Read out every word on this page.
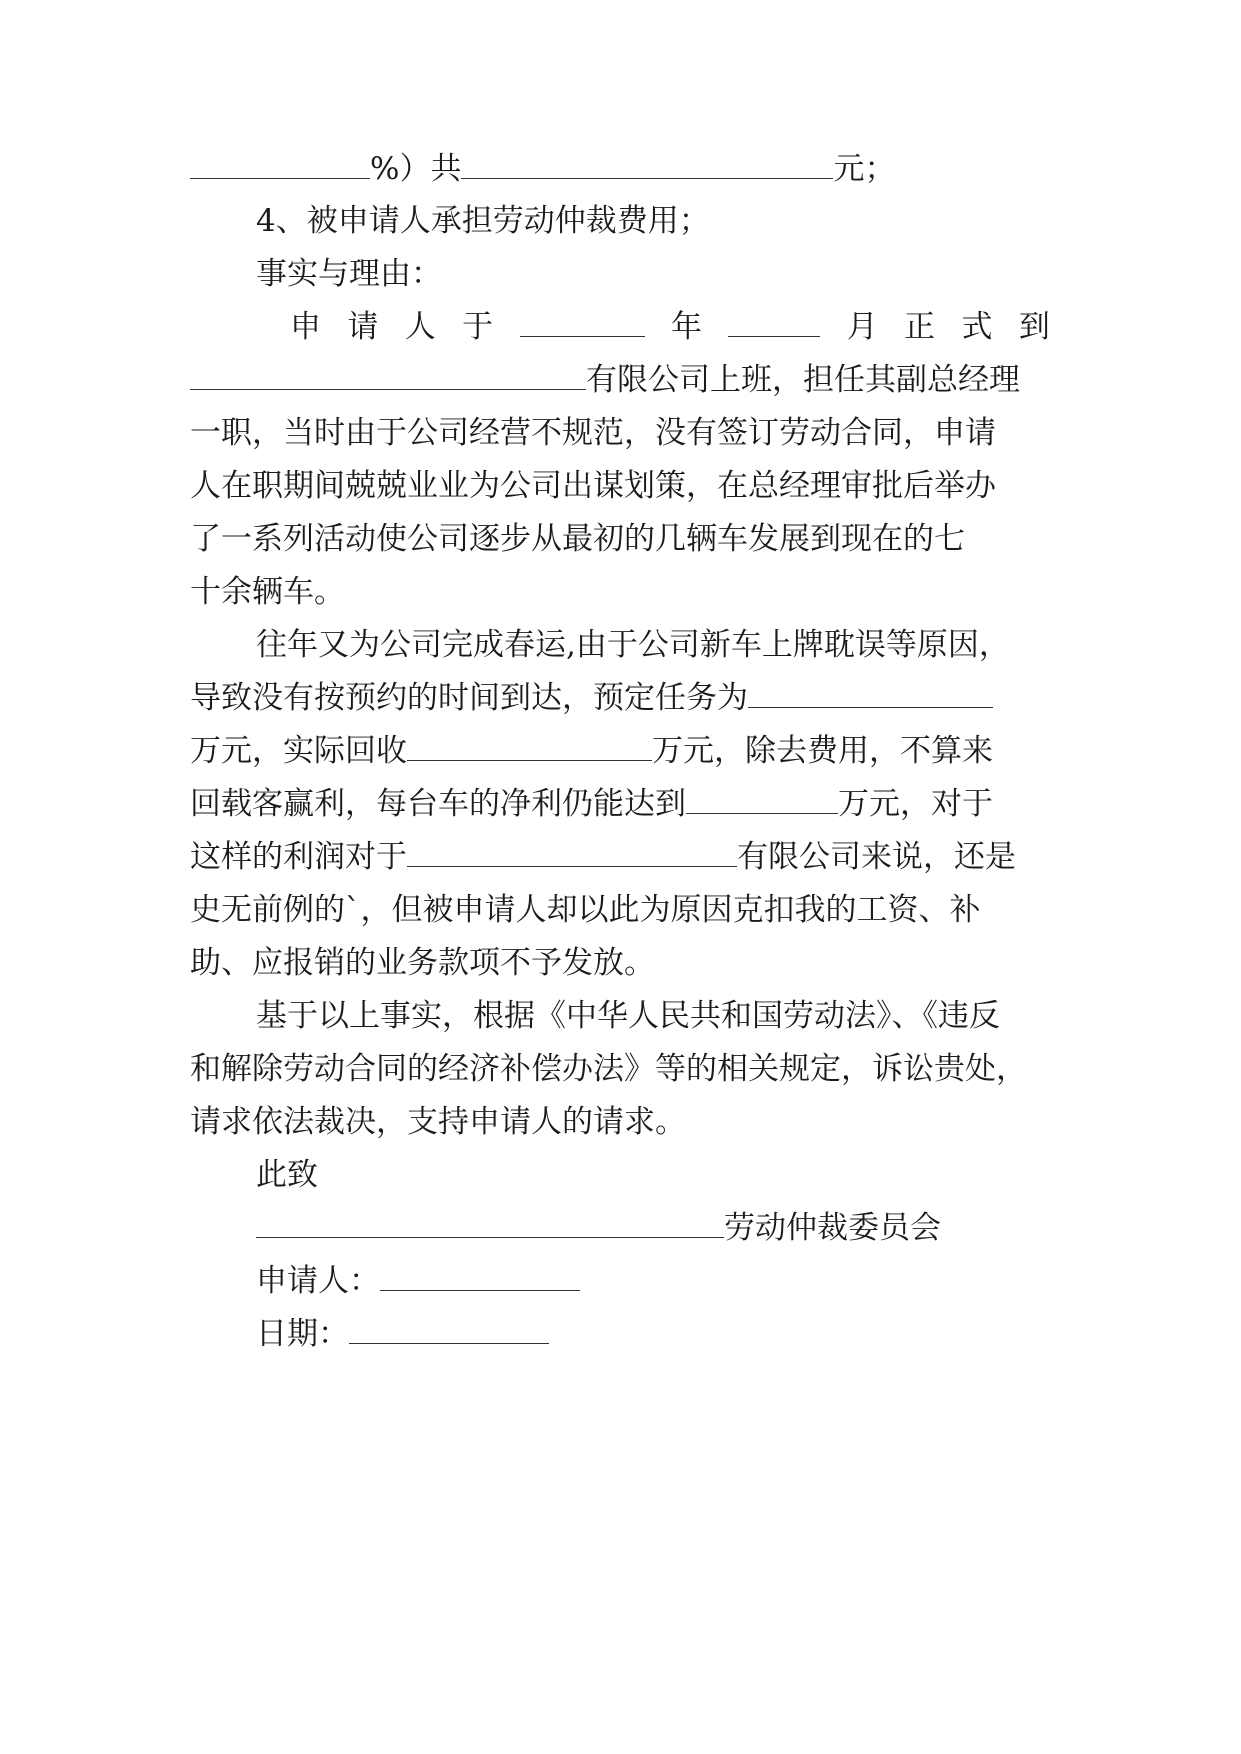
%）共	元；
4、被申请人承担劳动仲裁费用；
事实与理由：
申 请 人 于	年	月 正 式 到
有限公司上班，担任其副总经理
一职，当时由于公司经营不规范，没有签订劳动合同，申请
人在职期间兢兢业业为公司出谋划策，在总经理审批后举办
了一系列活动使公司逐步从最初的几辆车发展到现在的七
十余辆车。
往年又为公司完成春运,由于公司新车上牌耽误等原因，
导致没有按预约的时间到达，预定任务为
万元，实际回收	万元，除去费用，不算来
回载客赢利，每台车的净利仍能达到	万元，对于
这样的利润对于	有限公司来说，还是
史无前例的`，但被申请人却以此为原因克扣我的工资、补
助、应报销的业务款项不予发放。
基于以上事实，根据《中华人民共和国劳动法》、《违反
和解除劳动合同的经济补偿办法》等的相关规定，诉讼贵处，
请求依法裁决，支持申请人的请求。
此致
劳动仲裁委员会
申请人：
日期：
